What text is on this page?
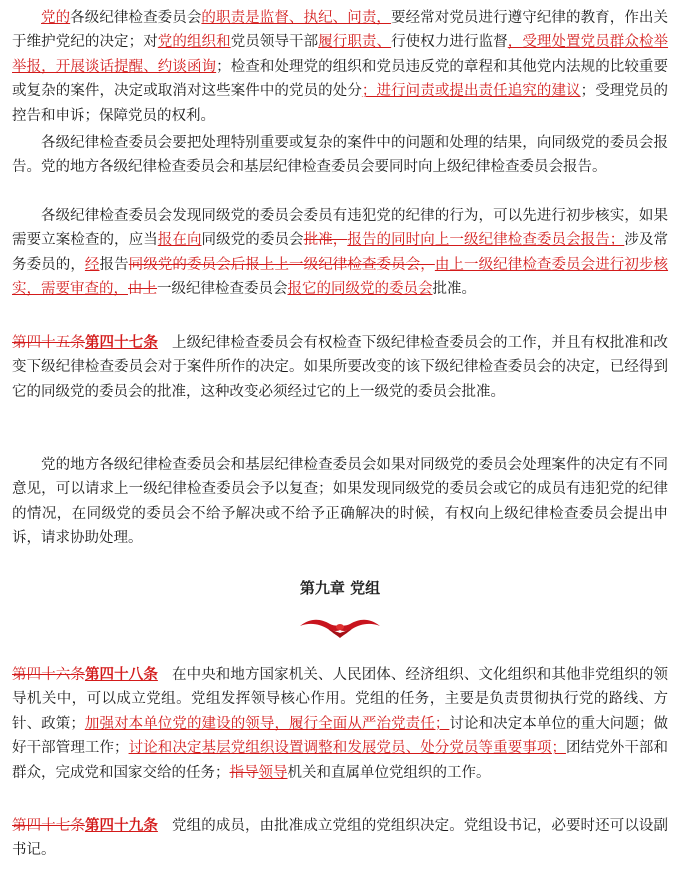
党的各级纪律检查委员会的职责是监督、执纪、问责，要经常对党员进行遵守纪律的教育，作出关于维护党纪的决定；对党的组织和党员领导干部履行职责、行使权力进行监督，受理处置党员群众检举举报，开展谈话提醒、约谈函询；检查和处理党的组织和党员违反党的章程和其他党内法规的比较重要或复杂的案件，决定或取消对这些案件中的党员的处分；进行问责或提出责任追究的建议；受理党员的控告和申诉；保障党员的权利。

各级纪律检查委员会要把处理特别重要或复杂的案件中的问题和处理的结果，向同级党的委员会报告。党的地方各级纪律检查委员会和基层纪律检查委员会要同时向上级纪律检查委员会报告。

各级纪律检查委员会发现同级党的委员会委员有违犯党的纪律的行为，可以先进行初步核实，如果需要立案检查的，应当报在向同级党的委员会批准，报告的同时向上一级纪律检查委员会报告；涉及常务委员的，经报告同级党的委员会后报上上一级纪律检查委员会，由上一级纪律检查委员会进行初步核实，需要审查的，由上一级纪律检查委员会报它的同级党的委员会批准。

第四十五条第四十七条 上级纪律检查委员会有权检查下级纪律检查委员会的工作，并且有权批准和改变下级纪律检查委员会对于案件所作的决定。如果所要改变的该下级纪律检查委员会的决定，已经得到它的同级党的委员会的批准，这种改变必须经过它的上一级党的委员会批准。

党的地方各级纪律检查委员会和基层纪律检查委员会如果对同级党的委员会处理案件的决定有不同意见，可以请求上一级纪律检查委员会予以复查；如果发现同级党的委员会或它的成员有违犯党的纪律的情况，在同级党的委员会不给予解决或不给予正确解决的时候，有权向上级纪律检查委员会提出申诉，请求协助处理。

第九章 党组

第四十六条第四十八条 在中央和地方国家机关、人民团体、经济组织、文化组织和其他非党组织的领导机关中，可以成立党组。党组发挥领导核心作用。党组的任务，主要是负责贯彻执行党的路线、方针、政策；加强对本单位党的建设的领导，履行全面从严治党责任；讨论和决定本单位的重大问题；做好干部管理工作；讨论和决定基层党组织设置调整和发展党员、处分党员等重要事项；团结党外干部和群众，完成党和国家交给的任务；指导领导机关和直属单位党组织的工作。

第四十七条第四十九条 党组的成员，由批准成立党组的党组织决定。党组设书记，必要时还可以设副书记。
